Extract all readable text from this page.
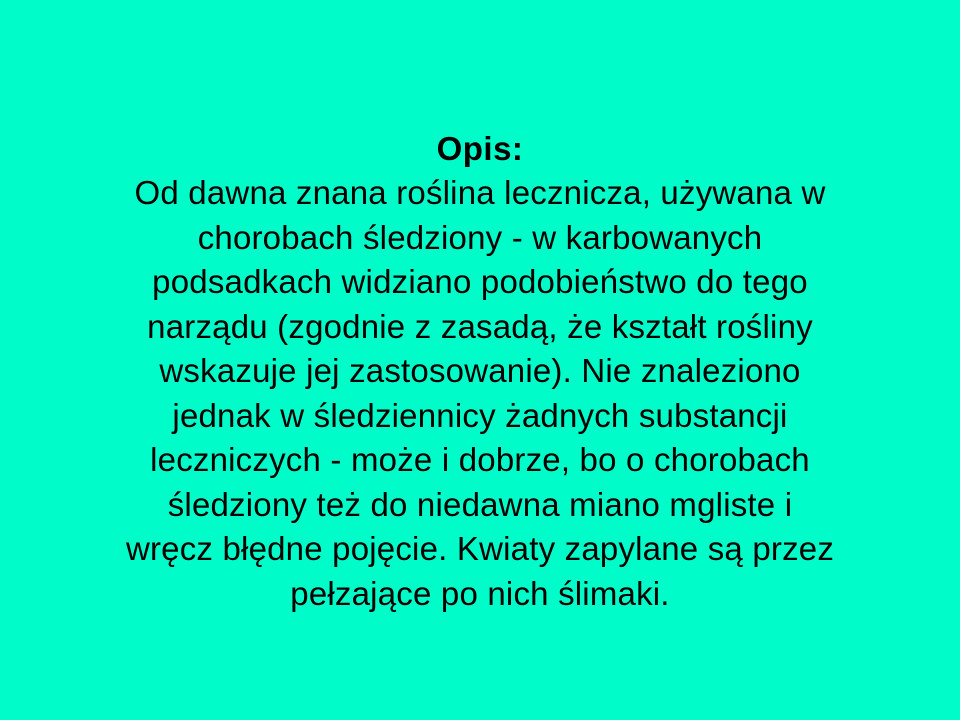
Opis:
Od dawna znana roślina lecznicza, używana w
chorobach śledziony - w karbowanych
podsadkach widziano podobieństwo do tego
narządu (zgodnie z zasadą, że kształt rośliny
wskazuje jej zastosowanie). Nie znaleziono
jednak w śledziennicy żadnych substancji
leczniczych - może i dobrze, bo o chorobach
śledziony też do niedawna miano mgliste i
wręcz błędne pojęcie. Kwiaty zapylane są przez
pełzające po nich ślimaki.
